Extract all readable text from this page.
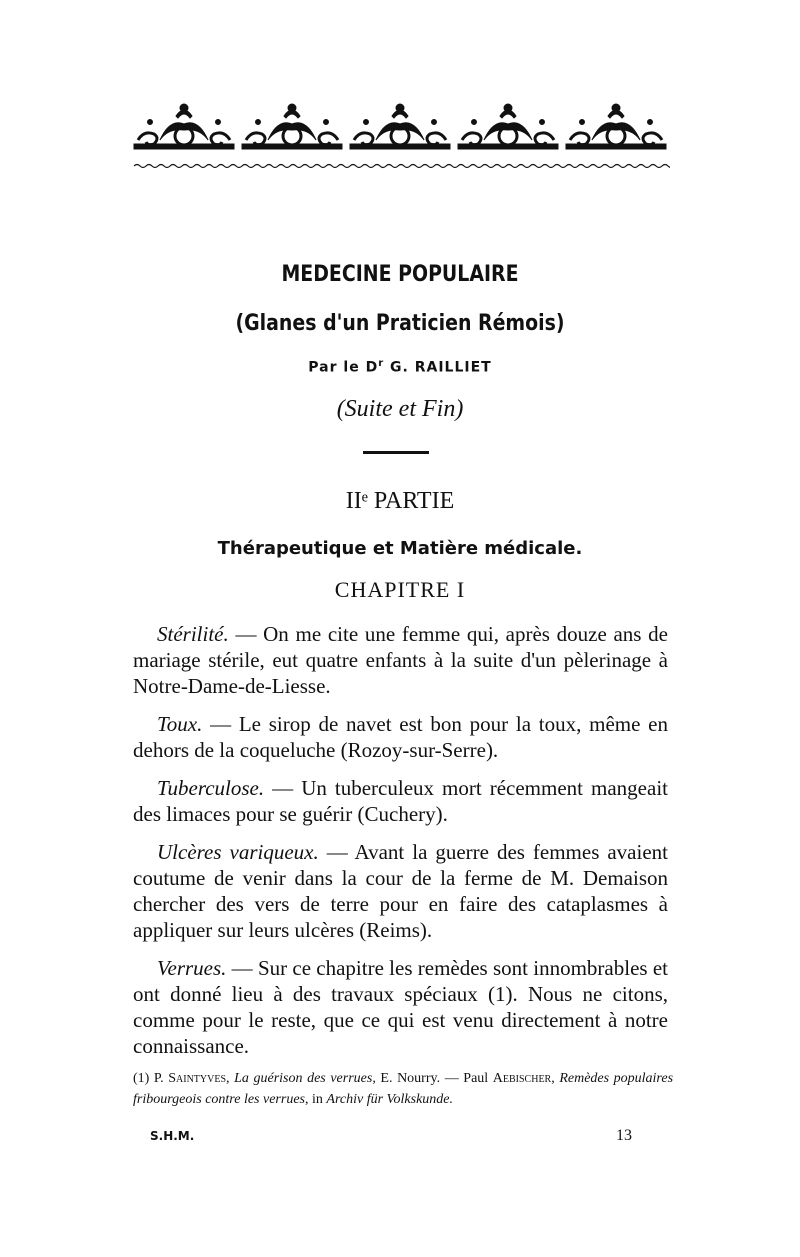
MEDECINE POPULAIRE
(Glanes d'un Praticien Rémois)
Par le $D^r$ G. RAILLIET
(Suite et Fin)
IIᵉ PARTIE
Thérapeutique et Matière médicale.
CHAPITRE I

Stérilité. — On me cite une femme qui, après douze ans de mariage stérile, eut quatre enfants à la suite d'un pèlerinage à Notre-Dame-de-Liesse.

Toux. — Le sirop de navet est bon pour la toux, même en dehors de la coqueluche (Rozoy-sur-Serre).

Tuberculose. — Un tuberculeux mort récemment mangeait des limaces pour se guérir (Cuchery).

Ulcères variqueux. — Avant la guerre des femmes avaient coutume de venir dans la cour de la ferme de M. Demaison chercher des vers de terre pour en faire des cataplasmes à appliquer sur leurs ulcères (Reims).

Verrues. — Sur ce chapitre les remèdes sont innombrables et ont donné lieu à des travaux spéciaux (1). Nous ne citons, comme pour le reste, que ce qui est venu directement à notre connaissance.

(1) P. Saintyves, La guérison des verrues, E. Nourry. — Paul Aebischer, Remèdes populaires fribourgeois contre les verrues, in Archiv für Volkskunde.
S.H.M.	13
